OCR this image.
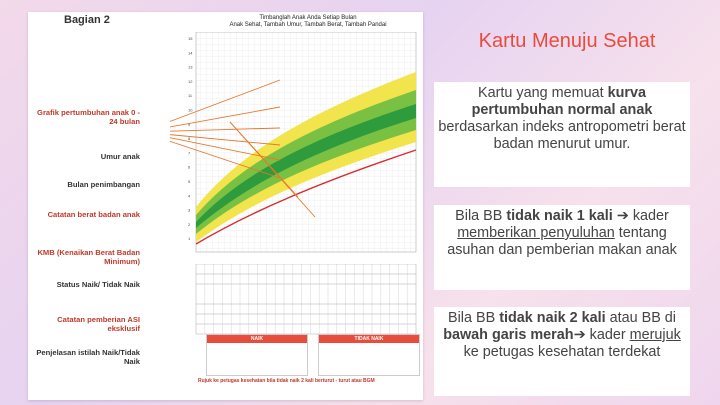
Bagian 2
Grafik pertumbuhan anak 0 - 24 bulan
Umur anak
Bulan penimbangan
Catatan berat badan anak
KMB (Kenaikan Berat Badan Minimum)
Status Naik/ Tidak Naik
Catatan pemberian ASI eksklusif
Penjelasan istilah Naik/Tidak Naik
Timbanglah Anak Anda Setiap Bulan
Anak Sehat, Tambah Umur, Tambah Berat, Tambah Pandai
15
14
13
12
11
10
9
8
7
6
5
4
3
2
1
NAIK	TIDAK NAIK
Rujuk ke petugas kesehatan bila tidak naik 2 kali berturut - turut atau BGM
Kartu Menuju Sehat
Kartu yang memuat kurva pertumbuhan normal anak berdasarkan indeks antropometri berat badan menurut umur.
Bila BB tidak naik 1 kali ➔ kader memberikan penyuluhan tentang asuhan dan pemberian makan anak
Bila BB tidak naik 2 kali atau BB di bawah garis merah➔ kader merujuk ke petugas kesehatan terdekat
